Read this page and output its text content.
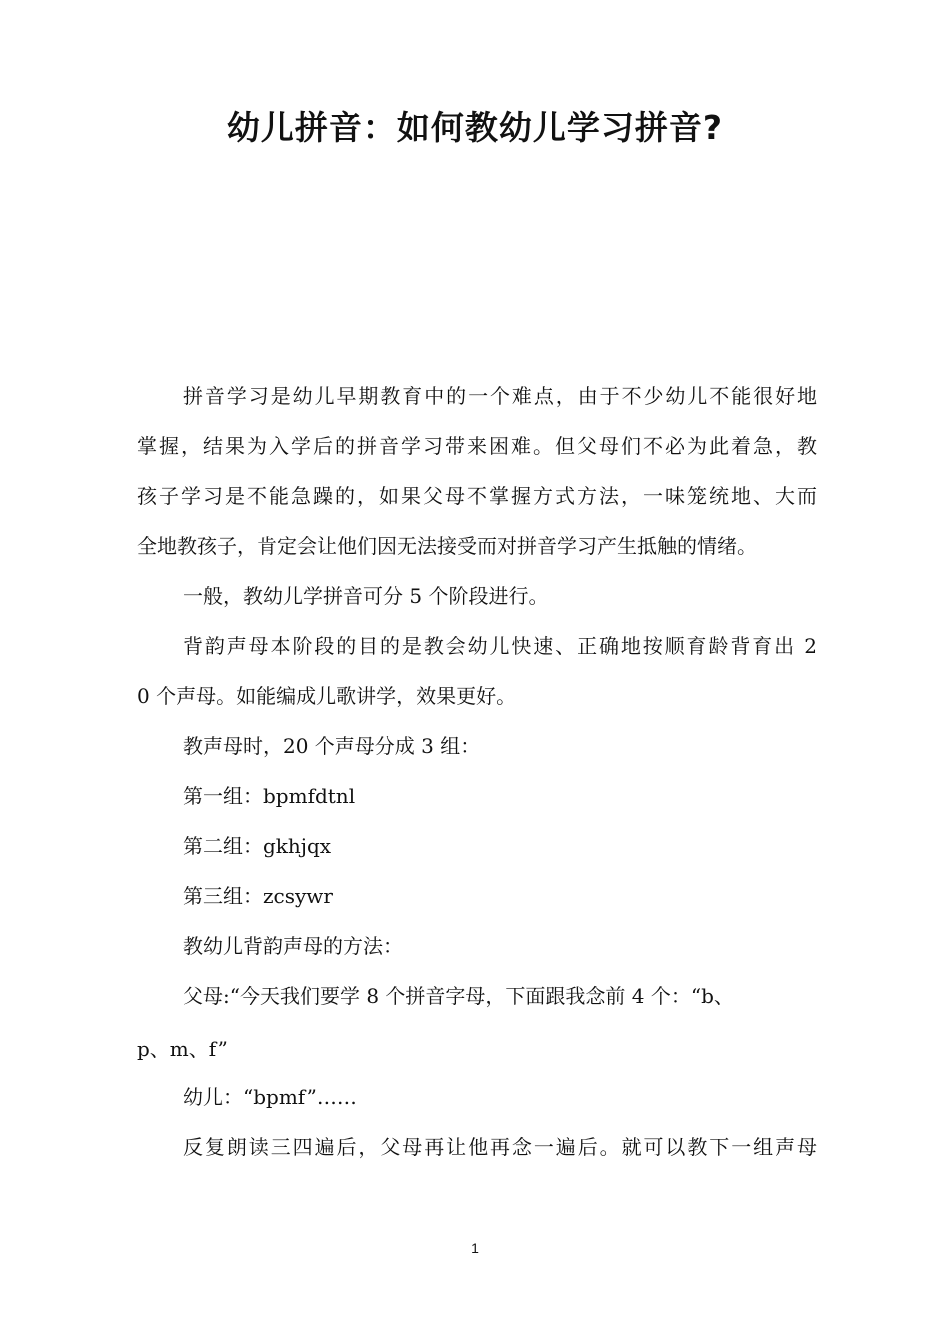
幼儿拼音：如何教幼儿学习拼音?
拼音学习是幼儿早期教育中的一个难点，由于不少幼儿不能很好地
掌握，结果为入学后的拼音学习带来困难。但父母们不必为此着急，教
孩子学习是不能急躁的，如果父母不掌握方式方法，一味笼统地、大而
全地教孩子，肯定会让他们因无法接受而对拼音学习产生抵触的情绪。
一般，教幼儿学拼音可分 5 个阶段进行。
背韵声母本阶段的目的是教会幼儿快速、正确地按顺育龄背育出 2
0 个声母。如能编成儿歌讲学，效果更好。
教声母时，20 个声母分成 3 组：
第一组：bpmfdtnl
第二组：gkhjqx
第三组：zcsywr
教幼儿背韵声母的方法：
父母:“今天我们要学 8 个拼音字母，下面跟我念前 4 个：“b、
p、m、f”
幼儿：“bpmf”……
反复朗读三四遍后，父母再让他再念一遍后。就可以教下一组声母
1
